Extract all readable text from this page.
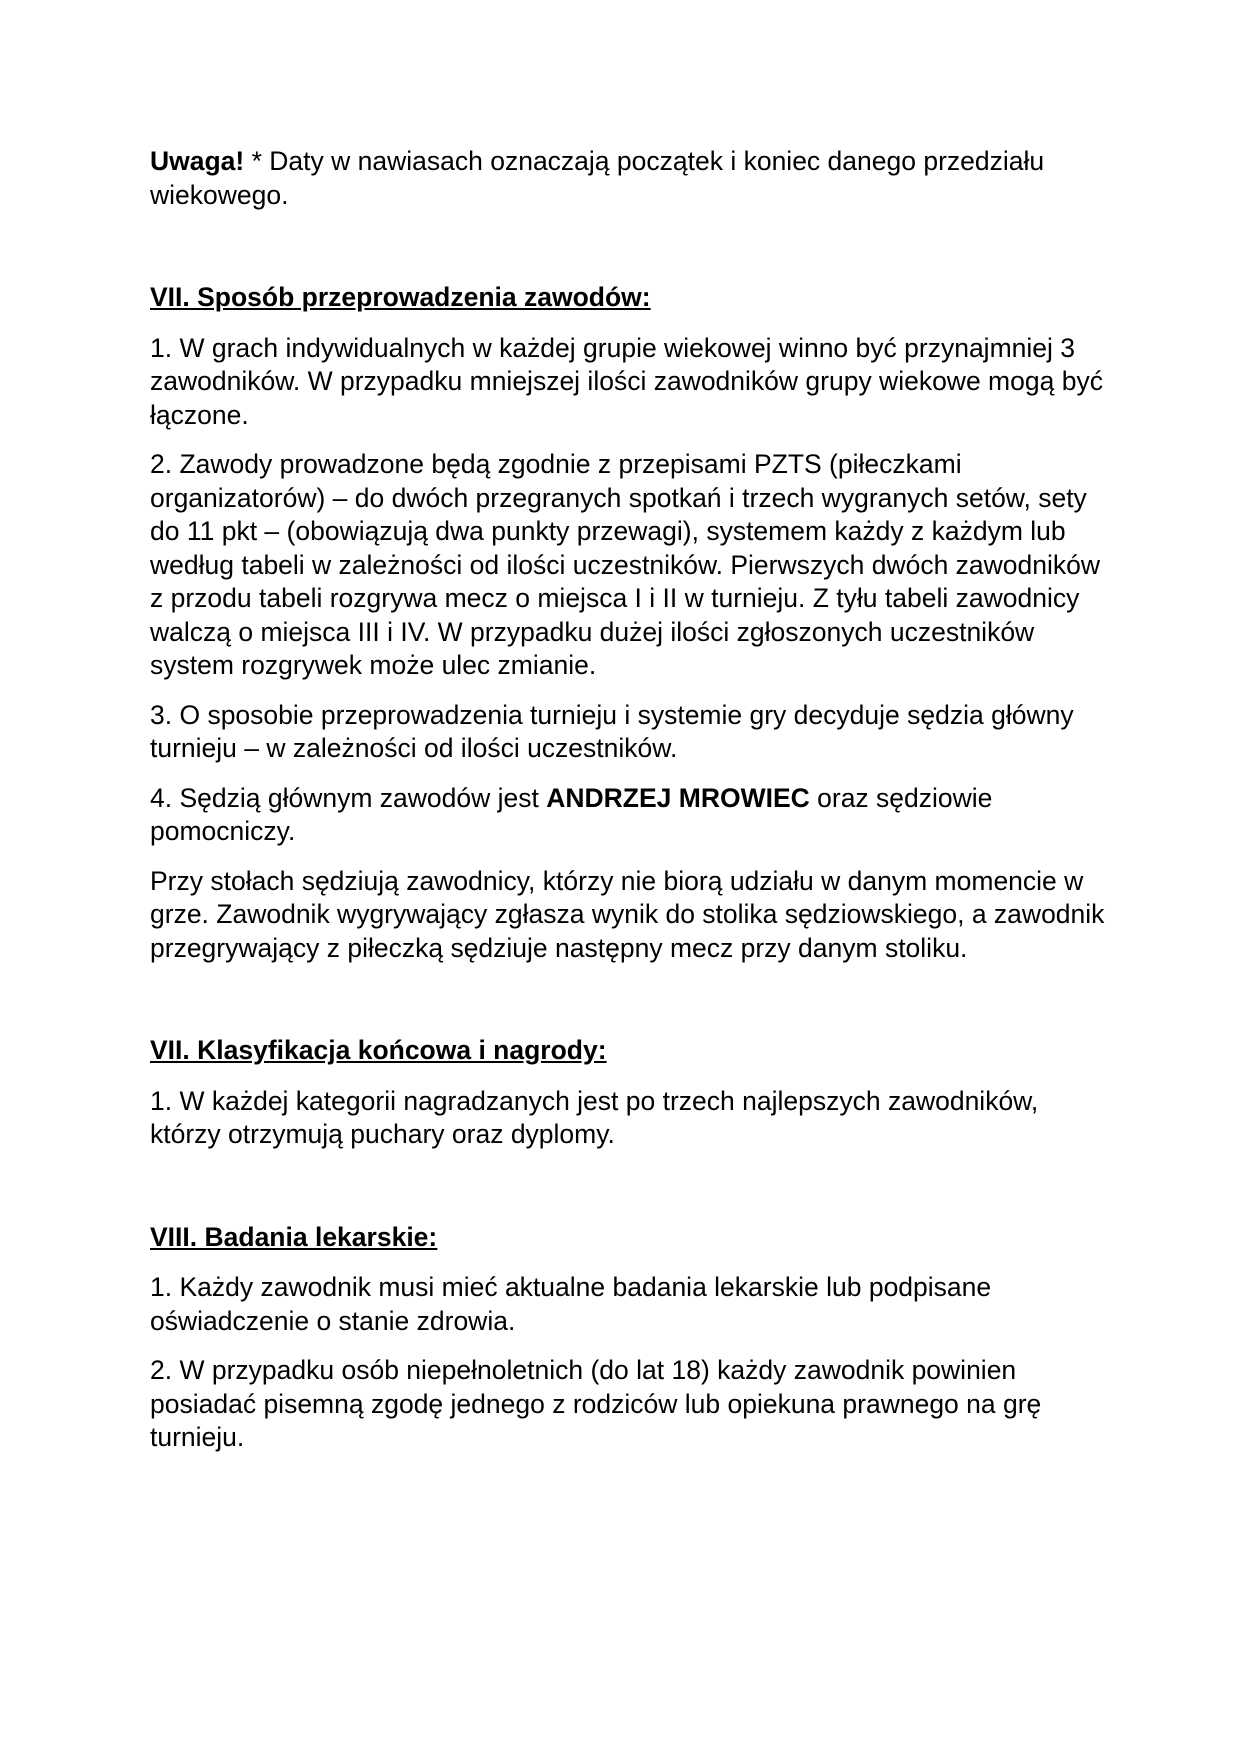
Uwaga! * Daty w nawiasach oznaczają początek i koniec danego przedziału wiekowego.

VII. Sposób przeprowadzenia zawodów:

1. W grach indywidualnych w każdej grupie wiekowej winno być przynajmniej 3 zawodników. W przypadku mniejszej ilości zawodników grupy wiekowe mogą być łączone.

2. Zawody prowadzone będą zgodnie z przepisami PZTS (piłeczkami organizatorów) – do dwóch przegranych spotkań i trzech wygranych setów, sety do 11 pkt – (obowiązują dwa punkty przewagi), systemem każdy z każdym lub według tabeli w zależności od ilości uczestników. Pierwszych dwóch zawodników z przodu tabeli rozgrywa mecz o miejsca I i II w turnieju. Z tyłu tabeli zawodnicy walczą o miejsca III i IV. W przypadku dużej ilości zgłoszonych uczestników system rozgrywek może ulec zmianie.

3. O sposobie przeprowadzenia turnieju i systemie gry decyduje sędzia główny turnieju – w zależności od ilości uczestników.

4. Sędzią głównym zawodów jest ANDRZEJ MROWIEC oraz sędziowie pomocniczy.

Przy stołach sędziują zawodnicy, którzy nie biorą udziału w danym momencie w grze. Zawodnik wygrywający zgłasza wynik do stolika sędziowskiego, a zawodnik przegrywający z piłeczką sędziuje następny mecz przy danym stoliku.

VII. Klasyfikacja końcowa i nagrody:

1. W każdej kategorii nagradzanych jest po trzech najlepszych zawodników, którzy otrzymują puchary oraz dyplomy.

VIII. Badania lekarskie:

1. Każdy zawodnik musi mieć aktualne badania lekarskie lub podpisane oświadczenie o stanie zdrowia.

2. W przypadku osób niepełnoletnich (do lat 18) każdy zawodnik powinien posiadać pisemną zgodę jednego z rodziców lub opiekuna prawnego na grę turnieju.
